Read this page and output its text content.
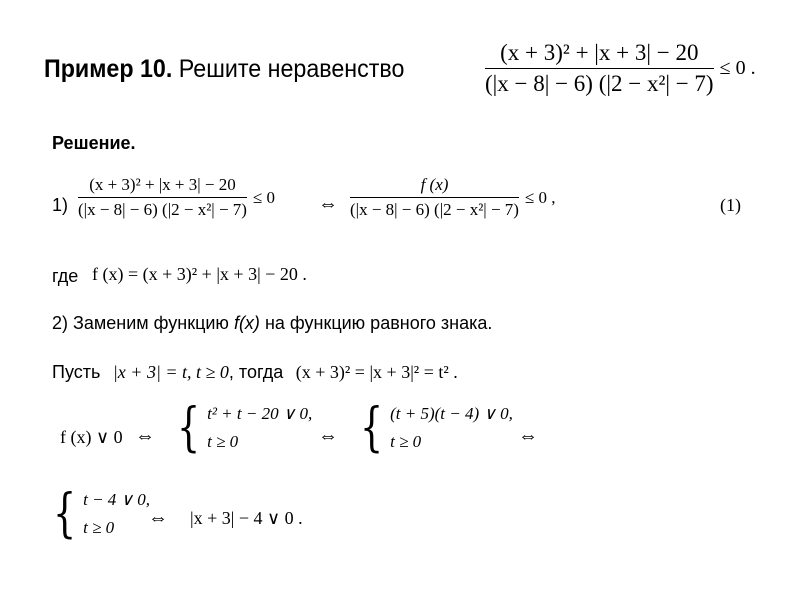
Пример 10. Решите неравенство	$\frac{\text{(x + 3)² + |x + 3| − 20}}{\text{(|x − 8| − 6) (|2 − x²| − 7)}} \le 0$ .
Решение.
$1) \frac{\text{(x + 3)² + |x + 3| − 20}}{\text{(|x − 8| − 6) (|2 − x²| − 7)}} \le 0$ ⇔ $\frac{f (x)}{\text{(|x − 8| − 6) (|2 − x²| − 7)}} \le 0$ ,	(1)
где f (x) = (x + 3)² + |x + 3| − 20 .
2) Заменим функцию f(x) на функцию равного знака.
Пусть |x + 3| = t, t ≥ 0, тогда (x + 3)² = |x + 3|² = t² .
f (x) ∨ 0 ⇔ { t² + t − 20 ∨ 0,
t ≥ 0	⇔ { (t + 5)(t − 4) ∨ 0,
t ≥ 0	⇔
{ t − 4 ∨ 0,
t ≥ 0	⇔ |x + 3| − 4 ∨ 0 .
